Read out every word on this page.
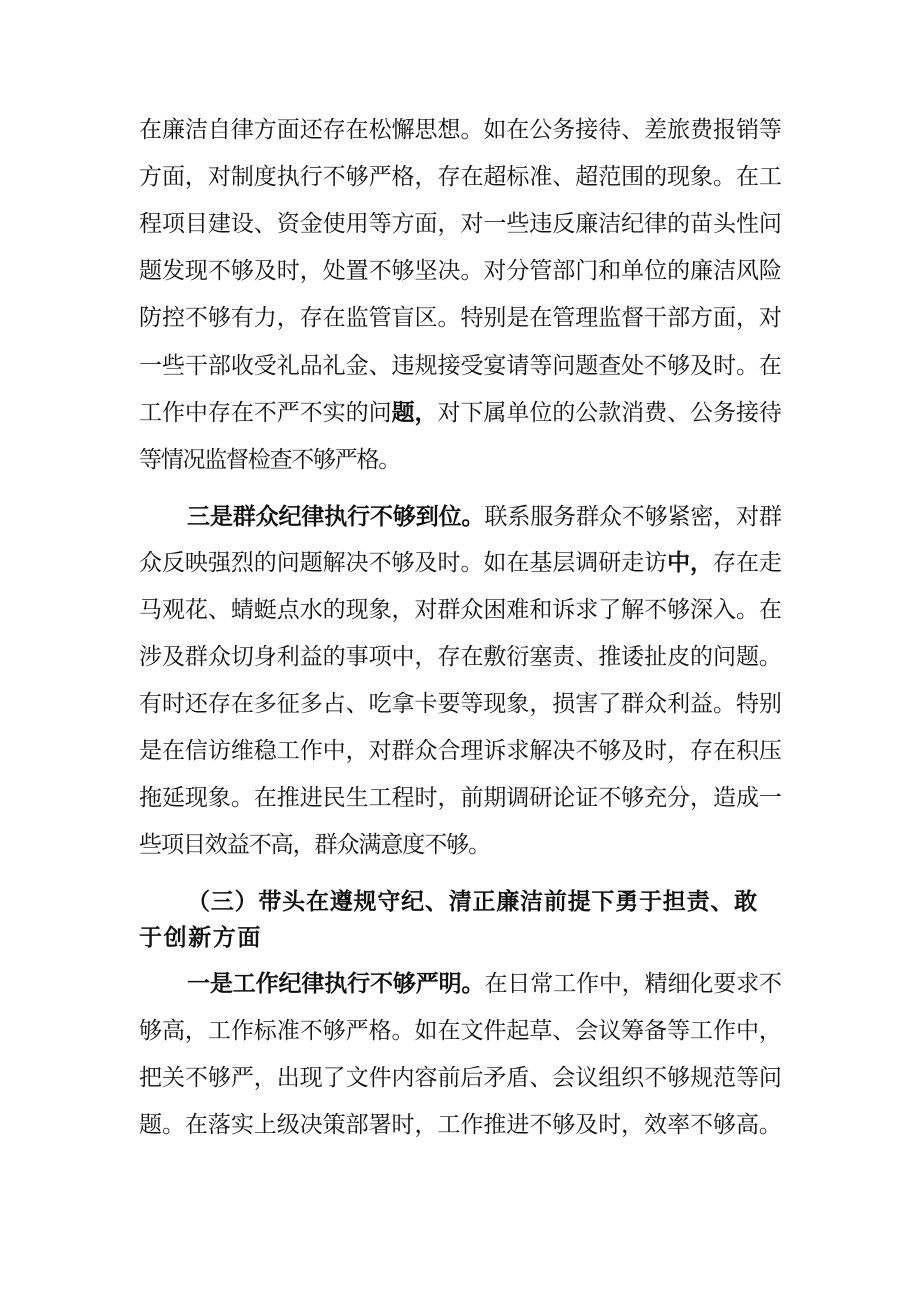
在廉洁自律方面还存在松懈思想。如在公务接待、差旅费报销等

方面，对制度执行不够严格，存在超标准、超范围的现象。在工

程项目建设、资金使用等方面，对一些违反廉洁纪律的苗头性问

题发现不够及时，处置不够坚决。对分管部门和单位的廉洁风险

防控不够有力，存在监管盲区。特别是在管理监督干部方面，对

一些干部收受礼品礼金、违规接受宴请等问题查处不够及时。在

工作中存在不严不实的问题，对下属单位的公款消费、公务接待

等情况监督检查不够严格。

三是群众纪律执行不够到位。联系服务群众不够紧密，对群

众反映强烈的问题解决不够及时。如在基层调研走访中，存在走

马观花、蜻蜓点水的现象，对群众困难和诉求了解不够深入。在

涉及群众切身利益的事项中，存在敷衍塞责、推诿扯皮的问题。

有时还存在多征多占、吃拿卡要等现象，损害了群众利益。特别

是在信访维稳工作中，对群众合理诉求解决不够及时，存在积压

拖延现象。在推进民生工程时，前期调研论证不够充分，造成一

些项目效益不高，群众满意度不够。

（三）带头在遵规守纪、清正廉洁前提下勇于担责、敢

于创新方面

一是工作纪律执行不够严明。在日常工作中，精细化要求不

够高，工作标准不够严格。如在文件起草、会议筹备等工作中，

把关不够严，出现了文件内容前后矛盾、会议组织不够规范等问

题。在落实上级决策部署时，工作推进不够及时，效率不够高。
